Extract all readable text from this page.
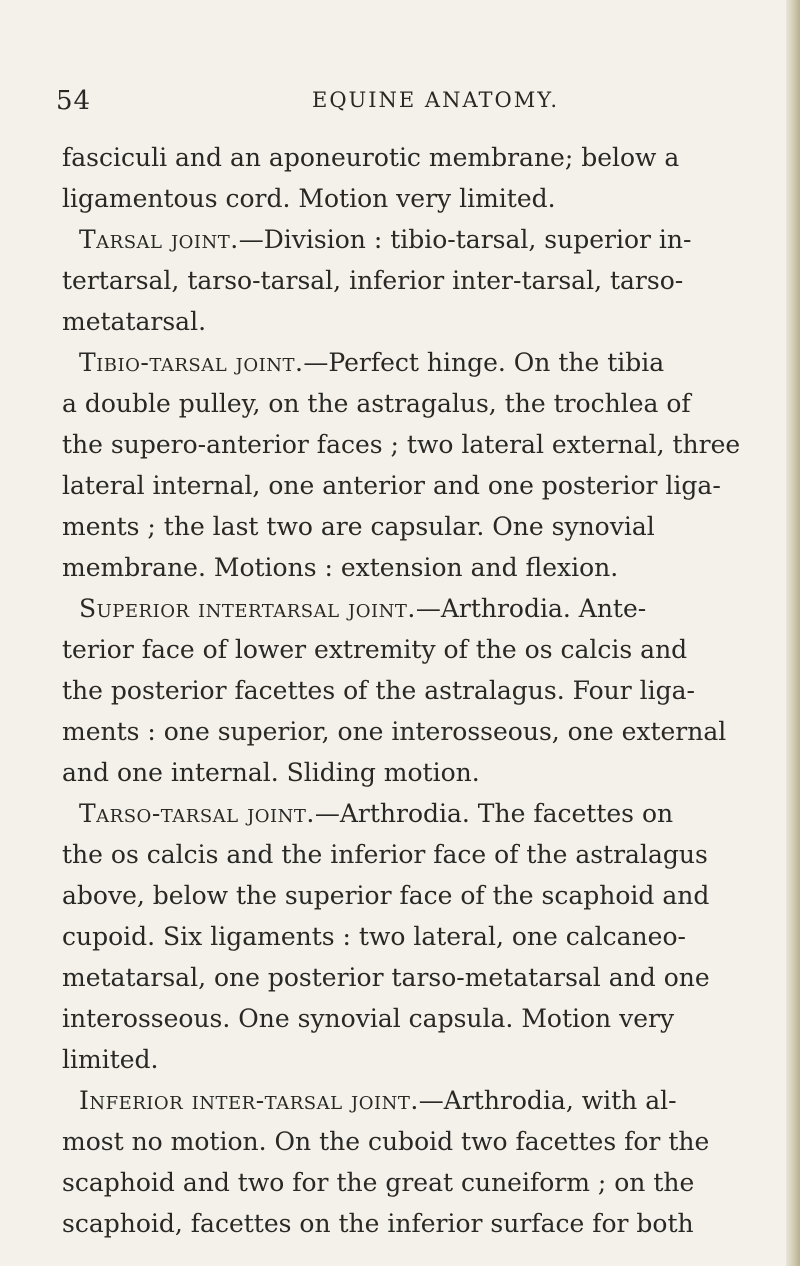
54	EQUINE ANATOMY.
fasciculi and an aponeurotic membrane; below a
ligamentous cord. Motion very limited.
Tarsal joint.—Division : tibio-tarsal, superior in-
tertarsal, tarso-tarsal, inferior inter-tarsal, tarso-
metatarsal.
Tibio-tarsal joint.—Perfect hinge. On the tibia
a double pulley, on the astragalus, the trochlea of
the supero-anterior faces ; two lateral external, three
lateral internal, one anterior and one posterior liga-
ments ; the last two are capsular. One synovial
membrane. Motions : extension and flexion.
Superior intertarsal joint.—Arthrodia. Ante-
terior face of lower extremity of the os calcis and
the posterior facettes of the astralagus. Four liga-
ments : one superior, one interosseous, one external
and one internal. Sliding motion.
Tarso-tarsal joint.—Arthrodia. The facettes on
the os calcis and the inferior face of the astralagus
above, below the superior face of the scaphoid and
cupoid. Six ligaments : two lateral, one calcaneo-
metatarsal, one posterior tarso-metatarsal and one
interosseous. One synovial capsula. Motion very
limited.
Inferior inter-tarsal joint.—Arthrodia, with al-
most no motion. On the cuboid two facettes for the
scaphoid and two for the great cuneiform ; on the
scaphoid, facettes on the inferior surface for both
